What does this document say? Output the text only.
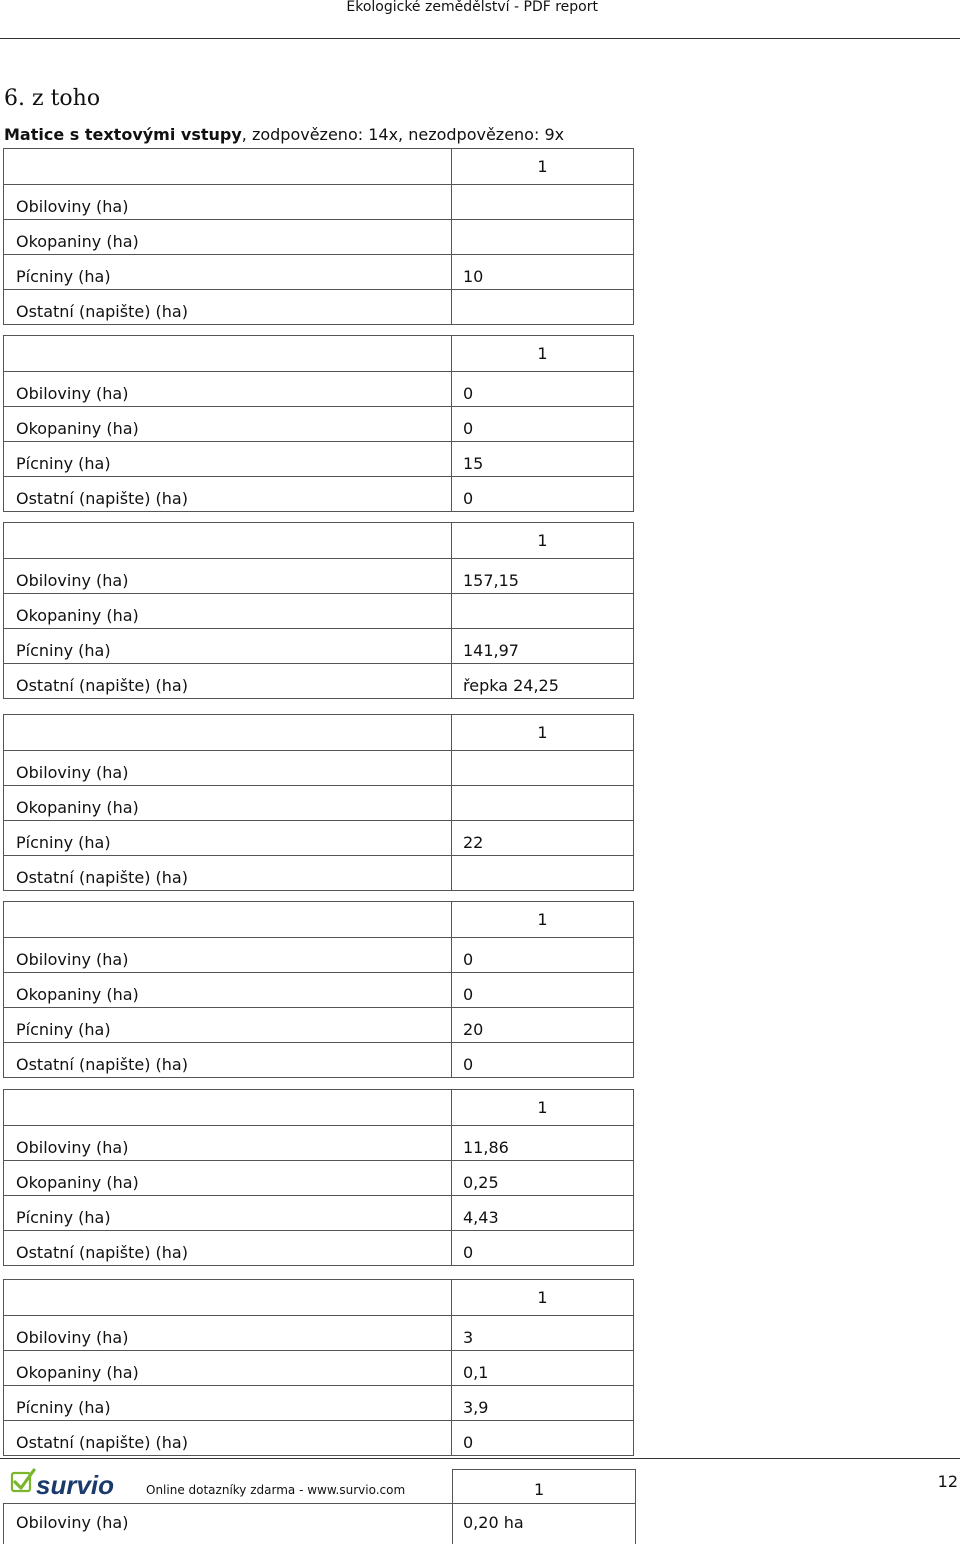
Ekologické zemědělství - PDF report
6. z toho
Matice s textovými vstupy, zodpovězeno: 14x, nezodpovězeno: 9x
	1
Obiloviny (ha)	
Okopaniny (ha)	
Pícniny (ha)	10
Ostatní (napište) (ha)	
	1
Obiloviny (ha)	0
Okopaniny (ha)	0
Pícniny (ha)	15
Ostatní (napište) (ha)	0
	1
Obiloviny (ha)	157,15
Okopaniny (ha)	
Pícniny (ha)	141,97
Ostatní (napište) (ha)	řepka 24,25
	1
Obiloviny (ha)	
Okopaniny (ha)	
Pícniny (ha)	22
Ostatní (napište) (ha)	
	1
Obiloviny (ha)	0
Okopaniny (ha)	0
Pícniny (ha)	20
Ostatní (napište) (ha)	0
	1
Obiloviny (ha)	11,86
Okopaniny (ha)	0,25
Pícniny (ha)	4,43
Ostatní (napište) (ha)	0
	1
Obiloviny (ha)	3
Okopaniny (ha)	0,1
Pícniny (ha)	3,9
Ostatní (napište) (ha)	0
Obiloviny (ha)	0,20 ha
survio	Online dotazníky zdarma - www.survio.com	1	12
